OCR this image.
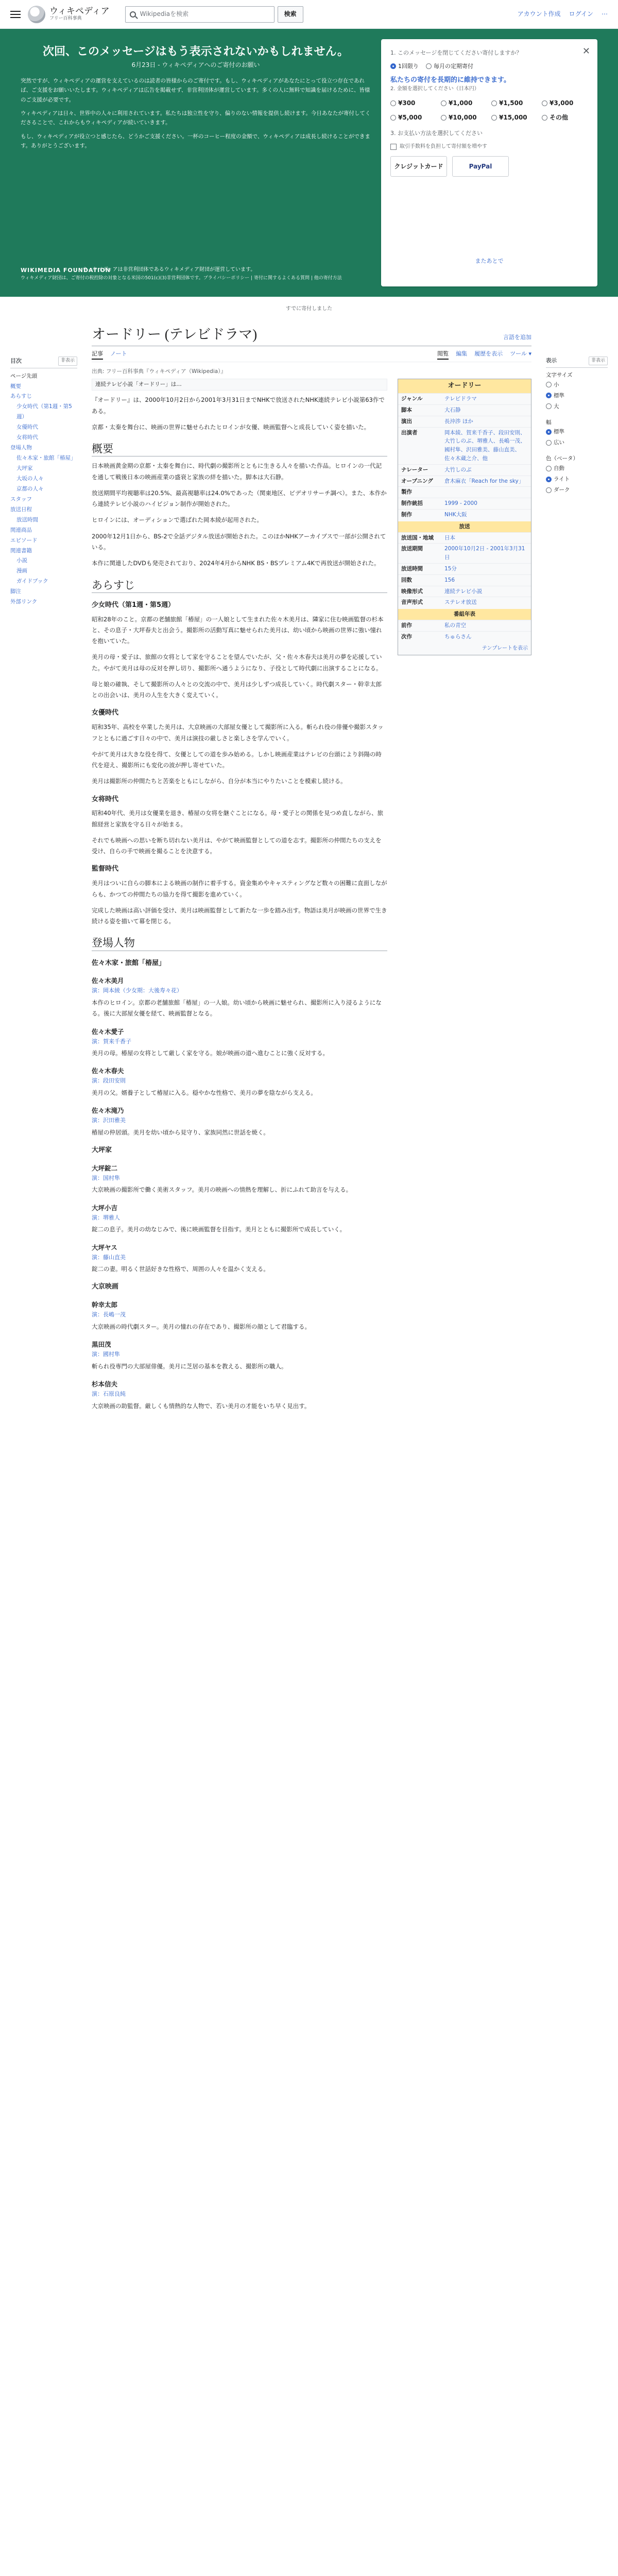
ウィキペディア
フリー百科事典
Wikipediaを検索	検索	アカウント作成 ログイン ⋯
次回、このメッセージはもう表示されないかもしれません。
6月23日 - ウィキペディアへのご寄付のお願い

突然ですが、ウィキペディアの運営を支えているのは読者の皆様からのご寄付です。もし、ウィキペディアがあなたにとって役立つ存在であれば、ご支援をお願いいたします。ウィキペディアは広告を掲載せず、非営利団体が運営しています。多くの人に無料で知識を届けるために、皆様のご支援が必要です。

ウィキペディアは日々、世界中の人々に利用されています。私たちは独立性を守り、偏りのない情報を提供し続けます。今日あなたが寄付してくださることで、これからもウィキペディアが続いていきます。

もし、ウィキペディアが役立つと感じたら、どうかご支援ください。一杯のコーヒー程度の金額で、ウィキペディアは成長し続けることができます。ありがとうございます。

WIKIMEDIA FOUNDATION
ウィキペディアは非営利団体であるウィキメディア財団が運営しています。
ウィキメディア財団は、ご寄付の税控除の対象となる米国の501(c)(3)非営利団体です。プライバシーポリシー | 寄付に関するよくある質問 | 他の寄付方法
✕
1. このメッセージを閉じてください寄付しますか？
1回限り	毎月の定期寄付
私たちの寄付を長期的に維持できます。
2. 金額を選択してください（日本円）
¥300	¥1,000	¥1,500	¥3,000
¥5,000	¥10,000	¥15,000	その他
3. お支払い方法を選択してください
取引手数料を負担して寄付額を増やす
クレジットカード	PayPal
またあとで
すでに寄付しました
目次	非表示
ページ先頭
概要
あらすじ
少女時代（第1週・第5週）
女優時代
女将時代
登場人物
佐々木家・旅館「椿屋」
大坪家
大坂の人々
京都の人々
スタッフ
放送日程
放送時間
関連商品
エピソード
関連書籍
小説
漫画
ガイドブック
脚注
外部リンク
オードリー (テレビドラマ)	言語を追加
記事 ノート	閲覧 編集 履歴を表示 ツール ▾
出典: フリー百科事典『ウィキペディア（Wikipedia）』
連続テレビ小説「オードリー」は…

『オードリー』は、2000年10月2日から2001年3月31日までNHKで放送されたNHK連続テレビ小説第63作である。

京都・太秦を舞台に、映画の世界に魅せられたヒロインが女優、映画監督へと成長していく姿を描いた。

概要

日本映画黄金期の京都・太秦を舞台に、時代劇の撮影所とともに生きる人々を描いた作品。ヒロインの一代記を通して戦後日本の映画産業の盛衰と家族の絆を描いた。脚本は大石静。

放送期間平均視聴率は20.5%、最高視聴率は24.0%であった（関東地区、ビデオリサーチ調べ）。また、本作から連続テレビ小説のハイビジョン制作が開始された。

ヒロインには、オーディションで選ばれた岡本綾が起用された。

2000年12月1日から、BS-2で全話デジタル放送が開始された。このほかNHKアーカイブスで一部が公開されている。

本作に関連したDVDも発売されており、2024年4月からNHK BS・BSプレミアム4Kで再放送が開始された。

あらすじ
少女時代（第1週・第5週）

昭和28年のこと。京都の老舗旅館「椿屋」の一人娘として生まれた佐々木美月は、隣家に住む映画監督の杉本と、その息子・大坪春夫と出会う。撮影所の活動写真に魅せられた美月は、幼い頃から映画の世界に強い憧れを抱いていた。

美月の母・愛子は、旅館の女将として家を守ることを望んでいたが、父・佐々木春夫は美月の夢を応援していた。やがて美月は母の反対を押し切り、撮影所へ通うようになり、子役として時代劇に出演することになる。

母と娘の確執、そして撮影所の人々との交流の中で、美月は少しずつ成長していく。時代劇スター・幹幸太郎との出会いは、美月の人生を大きく変えていく。

女優時代

昭和35年、高校を卒業した美月は、大京映画の大部屋女優として撮影所に入る。斬られ役の俳優や撮影スタッフとともに過ごす日々の中で、美月は演技の厳しさと楽しさを学んでいく。

やがて美月は大きな役を得て、女優としての道を歩み始める。しかし映画産業はテレビの台頭により斜陽の時代を迎え、撮影所にも変化の波が押し寄せていた。

美月は撮影所の仲間たちと苦楽をともにしながら、自分が本当にやりたいことを模索し続ける。

女将時代

昭和40年代、美月は女優業を退き、椿屋の女将を継ぐことになる。母・愛子との関係を見つめ直しながら、旅館経営と家族を守る日々が始まる。

それでも映画への思いを断ち切れない美月は、やがて映画監督としての道を志す。撮影所の仲間たちの支えを受け、自らの手で映画を撮ることを決意する。

監督時代

美月はついに自らの脚本による映画の制作に着手する。資金集めやキャスティングなど数々の困難に直面しながらも、かつての仲間たちの協力を得て撮影を進めていく。

完成した映画は高い評価を受け、美月は映画監督として新たな一歩を踏み出す。物語は美月が映画の世界で生き続ける姿を描いて幕を閉じる。

登場人物
佐々木家・旅館「椿屋」
佐々木美月
演：岡本綾（少女期：大後寿々花）
本作のヒロイン。京都の老舗旅館「椿屋」の一人娘。幼い頃から映画に魅せられ、撮影所に入り浸るようになる。後に大部屋女優を経て、映画監督となる。
佐々木愛子
演：賀来千香子
美月の母。椿屋の女将として厳しく家を守る。娘が映画の道へ進むことに強く反対する。
佐々木春夫
演：段田安則
美月の父。婿養子として椿屋に入る。穏やかな性格で、美月の夢を陰ながら支える。
佐々木滝乃
演：沢田雅美
椿屋の仲居頭。美月を幼い頃から見守り、家族同然に世話を焼く。
大坪家
大坪錠二
演：国村隼
大京映画の撮影所で働く美術スタッフ。美月の映画への情熱を理解し、折にふれて助言を与える。
大坪小吉
演：堺雅人
錠二の息子。美月の幼なじみで、後に映画監督を目指す。美月とともに撮影所で成長していく。
大坪ヤス
演：藤山直美
錠二の妻。明るく世話好きな性格で、周囲の人々を温かく支える。
大京映画
幹幸太郎
演：長嶋一茂
大京映画の時代劇スター。美月の憧れの存在であり、撮影所の顔として君臨する。
黒田茂
演：國村隼
斬られ役専門の大部屋俳優。美月に芝居の基本を教える、撮影所の職人。
杉本信夫
演：石原良純
大京映画の助監督。厳しくも情熱的な人物で、若い美月の才能をいち早く見出す。
オードリー
ジャンル	テレビドラマ
脚本	大石静
演出	長沖渉 ほか
出演者	岡本綾、賀来千香子、段田安則、大竹しのぶ、堺雅人、長嶋一茂、國村隼、沢田雅美、藤山直美、佐々木蔵之介、他
ナレーター	大竹しのぶ
オープニング	倉木麻衣「Reach for the sky」
製作
制作統括	1999 - 2000
制作	NHK大阪
放送
放送国・地域	日本
放送期間	2000年10月2日 - 2001年3月31日
放送時間	15分
回数	156
映像形式	連続テレビ小説
音声形式	ステレオ放送
番組年表
前作	私の青空
次作	ちゅらさん
テンプレートを表示
表示	非表示
文字サイズ
小
標準
大
幅
標準
広い
色（ベータ）
自動
ライト
ダーク
